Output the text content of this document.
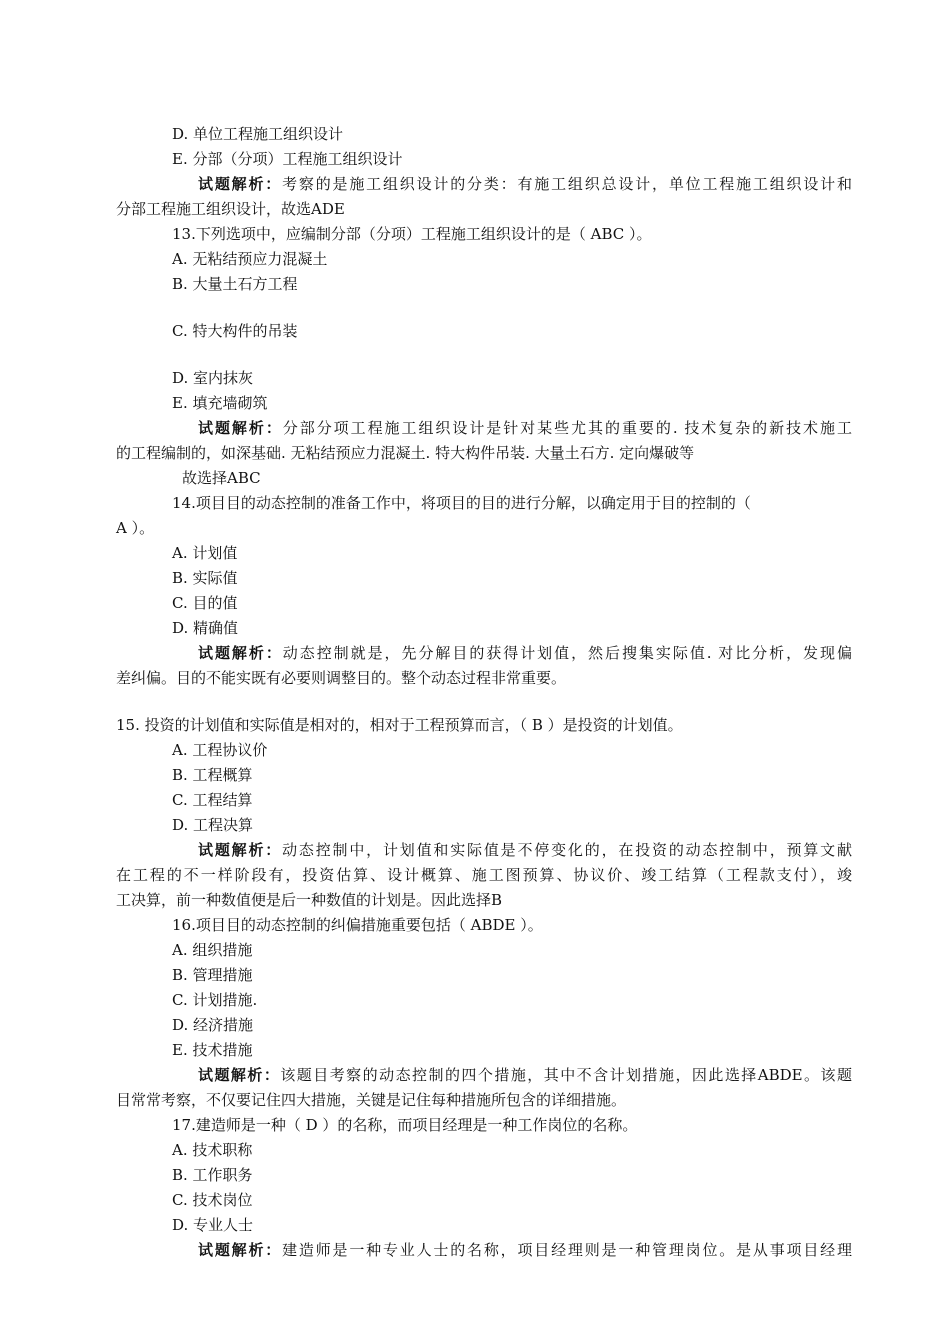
D. 单位工程施工组织设计
E. 分部（分项）工程施工组织设计
试题解析：考察的是施工组织设计的分类：有施工组织总设计，单位工程施工组织设计和
分部工程施工组织设计，故选ADE
13.下列选项中，应编制分部（分项）工程施工组织设计的是（ ABC ）。
A. 无粘结预应力混凝土
B. 大量土石方工程
C. 特大构件的吊装
D. 室内抹灰
E. 填充墙砌筑
试题解析：分部分项工程施工组织设计是针对某些尤其的重要的. 技术复杂的新技术施工
的工程编制的，如深基础. 无粘结预应力混凝土. 特大构件吊装. 大量土石方. 定向爆破等
故选择ABC
14.项目目的动态控制的准备工作中，将项目的目的进行分解，以确定用于目的控制的（
A ）。
A. 计划值
B. 实际值
C. 目的值
D. 精确值
试题解析：动态控制就是，先分解目的获得计划值，然后搜集实际值. 对比分析，发现偏
差纠偏。目的不能实既有必要则调整目的。整个动态过程非常重要。
15. 投资的计划值和实际值是相对的，相对于工程预算而言，（ B ）是投资的计划值。
A. 工程协议价
B. 工程概算
C. 工程结算
D. 工程决算
试题解析：动态控制中，计划值和实际值是不停变化的，在投资的动态控制中，预算文献
在工程的不一样阶段有，投资估算、设计概算、施工图预算、协议价、竣工结算（工程款支付），竣
工决算，前一种数值便是后一种数值的计划是。因此选择B
16.项目目的动态控制的纠偏措施重要包括（ ABDE ）。
A. 组织措施
B. 管理措施
C. 计划措施.
D. 经济措施
E. 技术措施
试题解析：该题目考察的动态控制的四个措施，其中不含计划措施，因此选择ABDE。该题
目常常考察，不仅要记住四大措施，关键是记住每种措施所包含的详细措施。
17.建造师是一种（ D ）的名称，而项目经理是一种工作岗位的名称。
A. 技术职称
B. 工作职务
C. 技术岗位
D. 专业人士
试题解析：建造师是一种专业人士的名称，项目经理则是一种管理岗位。是从事项目经理
